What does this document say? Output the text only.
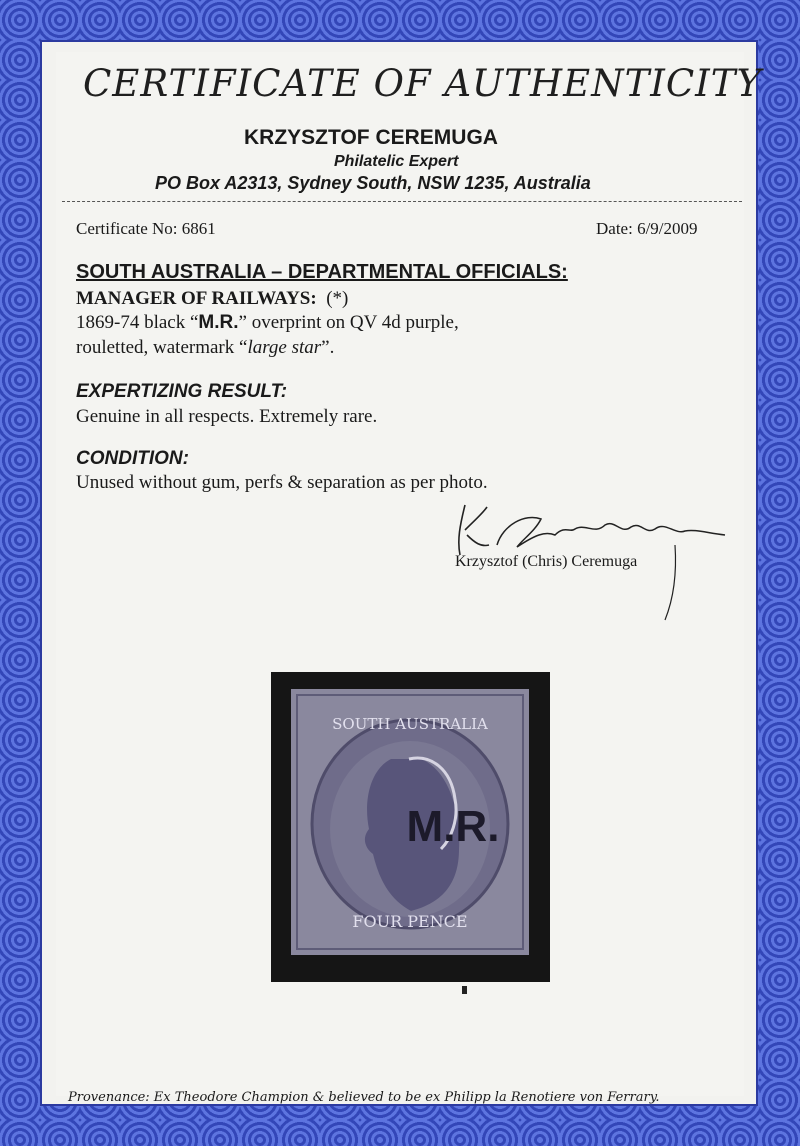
CERTIFICATE OF AUTHENTICITY

KRZYSZTOF CEREMUGA

Philatelic Expert

PO Box A2313, Sydney South, NSW 1235, Australia

Certificate No: 6861	Date: 6/9/2009

SOUTH AUSTRALIA – DEPARTMENTAL OFFICIALS:

MANAGER OF RAILWAYS: (*)

1869-74 black “M.R.” overprint on QV 4d purple,

rouletted, watermark “large star”.

EXPERTIZING RESULT:

Genuine in all respects. Extremely rare.

CONDITION:

Unused without gum, perfs & separation as per photo.

Krzysztof (Chris) Ceremuga

SOUTH AUSTRALIA
FOUR PENCE
M.R.

Provenance: Ex Theodore Champion & believed to be ex Philipp la Renotiere von Ferrary.
